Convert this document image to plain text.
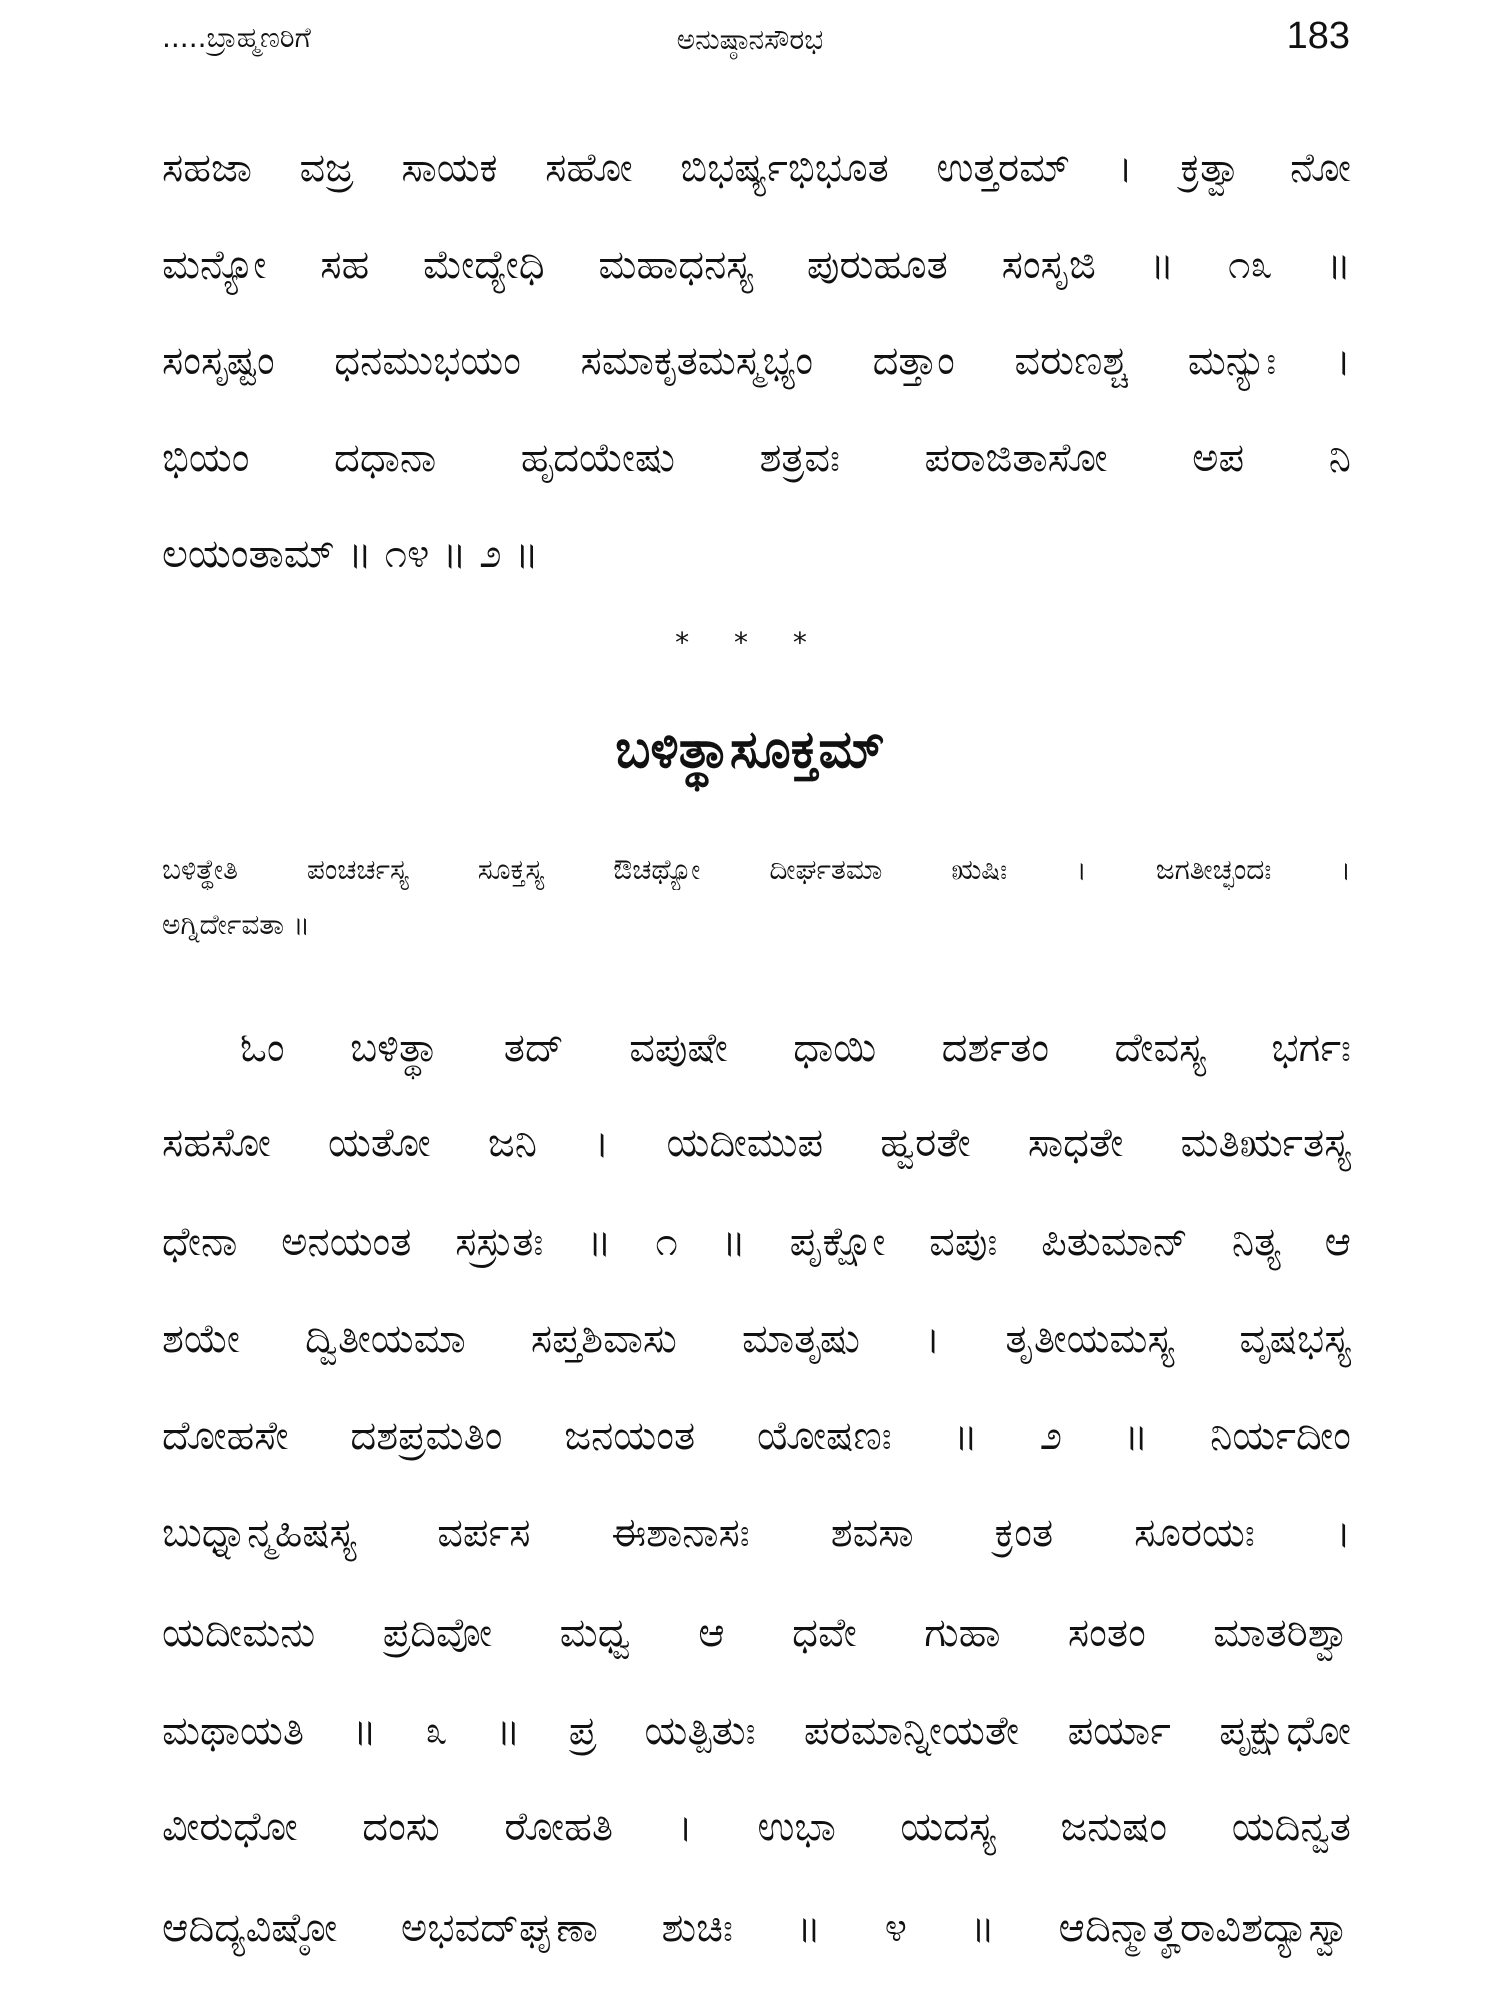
.....ಬ್ರಾಹ್ಮಣರಿಗೆ	ಅನುಷ್ಠಾನಸೌರಭ	183
ಸಹಜಾ ವಜ್ರ ಸಾಯಕ ಸಹೋ ಬಿಭರ್ಷ್ಯಭಿಭೂತ ಉತ್ತರಮ್ । ಕ್ರತ್ವಾ ನೋ
ಮನ್ಯೋ ಸಹ ಮೇದ್ಯೇಧಿ ಮಹಾಧನಸ್ಯ ಪುರುಹೂತ ಸಂಸೃಜಿ ॥ ೧೩ ॥
ಸಂಸೃಷ್ಟಂ ಧನಮುಭಯಂ ಸಮಾಕೃತಮಸ್ಮಭ್ಯಂ ದತ್ತಾಂ ವರುಣಶ್ಚ ಮನ್ಯುಃ ।
ಭಿಯಂ ದಧಾನಾ ಹೃದಯೇಷು ಶತ್ರವಃ ಪರಾಜಿತಾಸೋ ಅಪ ನಿ
ಲಯಂತಾಮ್ ॥ ೧೪ ॥ ೨ ॥
* * *
ಬಳಿತ್ಥಾಸೂಕ್ತಮ್
ಬಳಿತ್ಥೇತಿ ಪಂಚರ್ಚಸ್ಯ ಸೂಕ್ತಸ್ಯ ಔಚಥ್ಯೋ ದೀರ್ಘತಮಾ ಋಷಿಃ । ಜಗತೀಚ್ಛಂದಃ ।
ಅಗ್ನಿರ್ದೇವತಾ ॥
ಓಂ ಬಳಿತ್ಥಾ ತದ್ ವಪುಷೇ ಧಾಯಿ ದರ್ಶತಂ ದೇವಸ್ಯ ಭರ್ಗಃ
ಸಹಸೋ ಯತೋ ಜನಿ । ಯದೀಮುಪ ಹ್ವರತೇ ಸಾಧತೇ ಮತಿರ್ಋತಸ್ಯ
ಧೇನಾ ಅನಯಂತ ಸಸ್ರುತಃ ॥ ೧ ॥ ಪೃಕ್ಷೋ ವಪುಃ ಪಿತುಮಾನ್ ನಿತ್ಯ ಆ
ಶಯೇ ದ್ವಿತೀಯಮಾ ಸಪ್ತಶಿವಾಸು ಮಾತೃಷು । ತೃತೀಯಮಸ್ಯ ವೃಷಭಸ್ಯ
ದೋಹಸೇ ದಶಪ್ರಮತಿಂ ಜನಯಂತ ಯೋಷಣಃ ॥ ೨ ॥ ನಿರ್ಯದೀಂ
ಬುಧ್ನಾನ್ಮಹಿಷಸ್ಯ ವರ್ಪಸ ಈಶಾನಾಸಃ ಶವಸಾ ಕ್ರಂತ ಸೂರಯಃ ।
ಯದೀಮನು ಪ್ರದಿವೋ ಮಧ್ವ ಆ ಧವೇ ಗುಹಾ ಸಂತಂ ಮಾತರಿಶ್ವಾ
ಮಥಾಯತಿ ॥ ೩ ॥ ಪ್ರ ಯತ್ಪಿತುಃ ಪರಮಾನ್ನೀಯತೇ ಪರ್ಯಾ ಪೃಕ್ಷುಧೋ
ವೀರುಧೋ ದಂಸು ರೋಹತಿ । ಉಭಾ ಯದಸ್ಯ ಜನುಷಂ ಯದಿನ್ವತ
ಆದಿದ್ಯವಿಷ್ಠೋ ಅಭವದ್‌ಘೃಣಾ ಶುಚಿಃ ॥ ೪ ॥ ಆದಿನ್ಮಾತೄರಾವಿಶದ್ಯಾಸ್ವಾ
